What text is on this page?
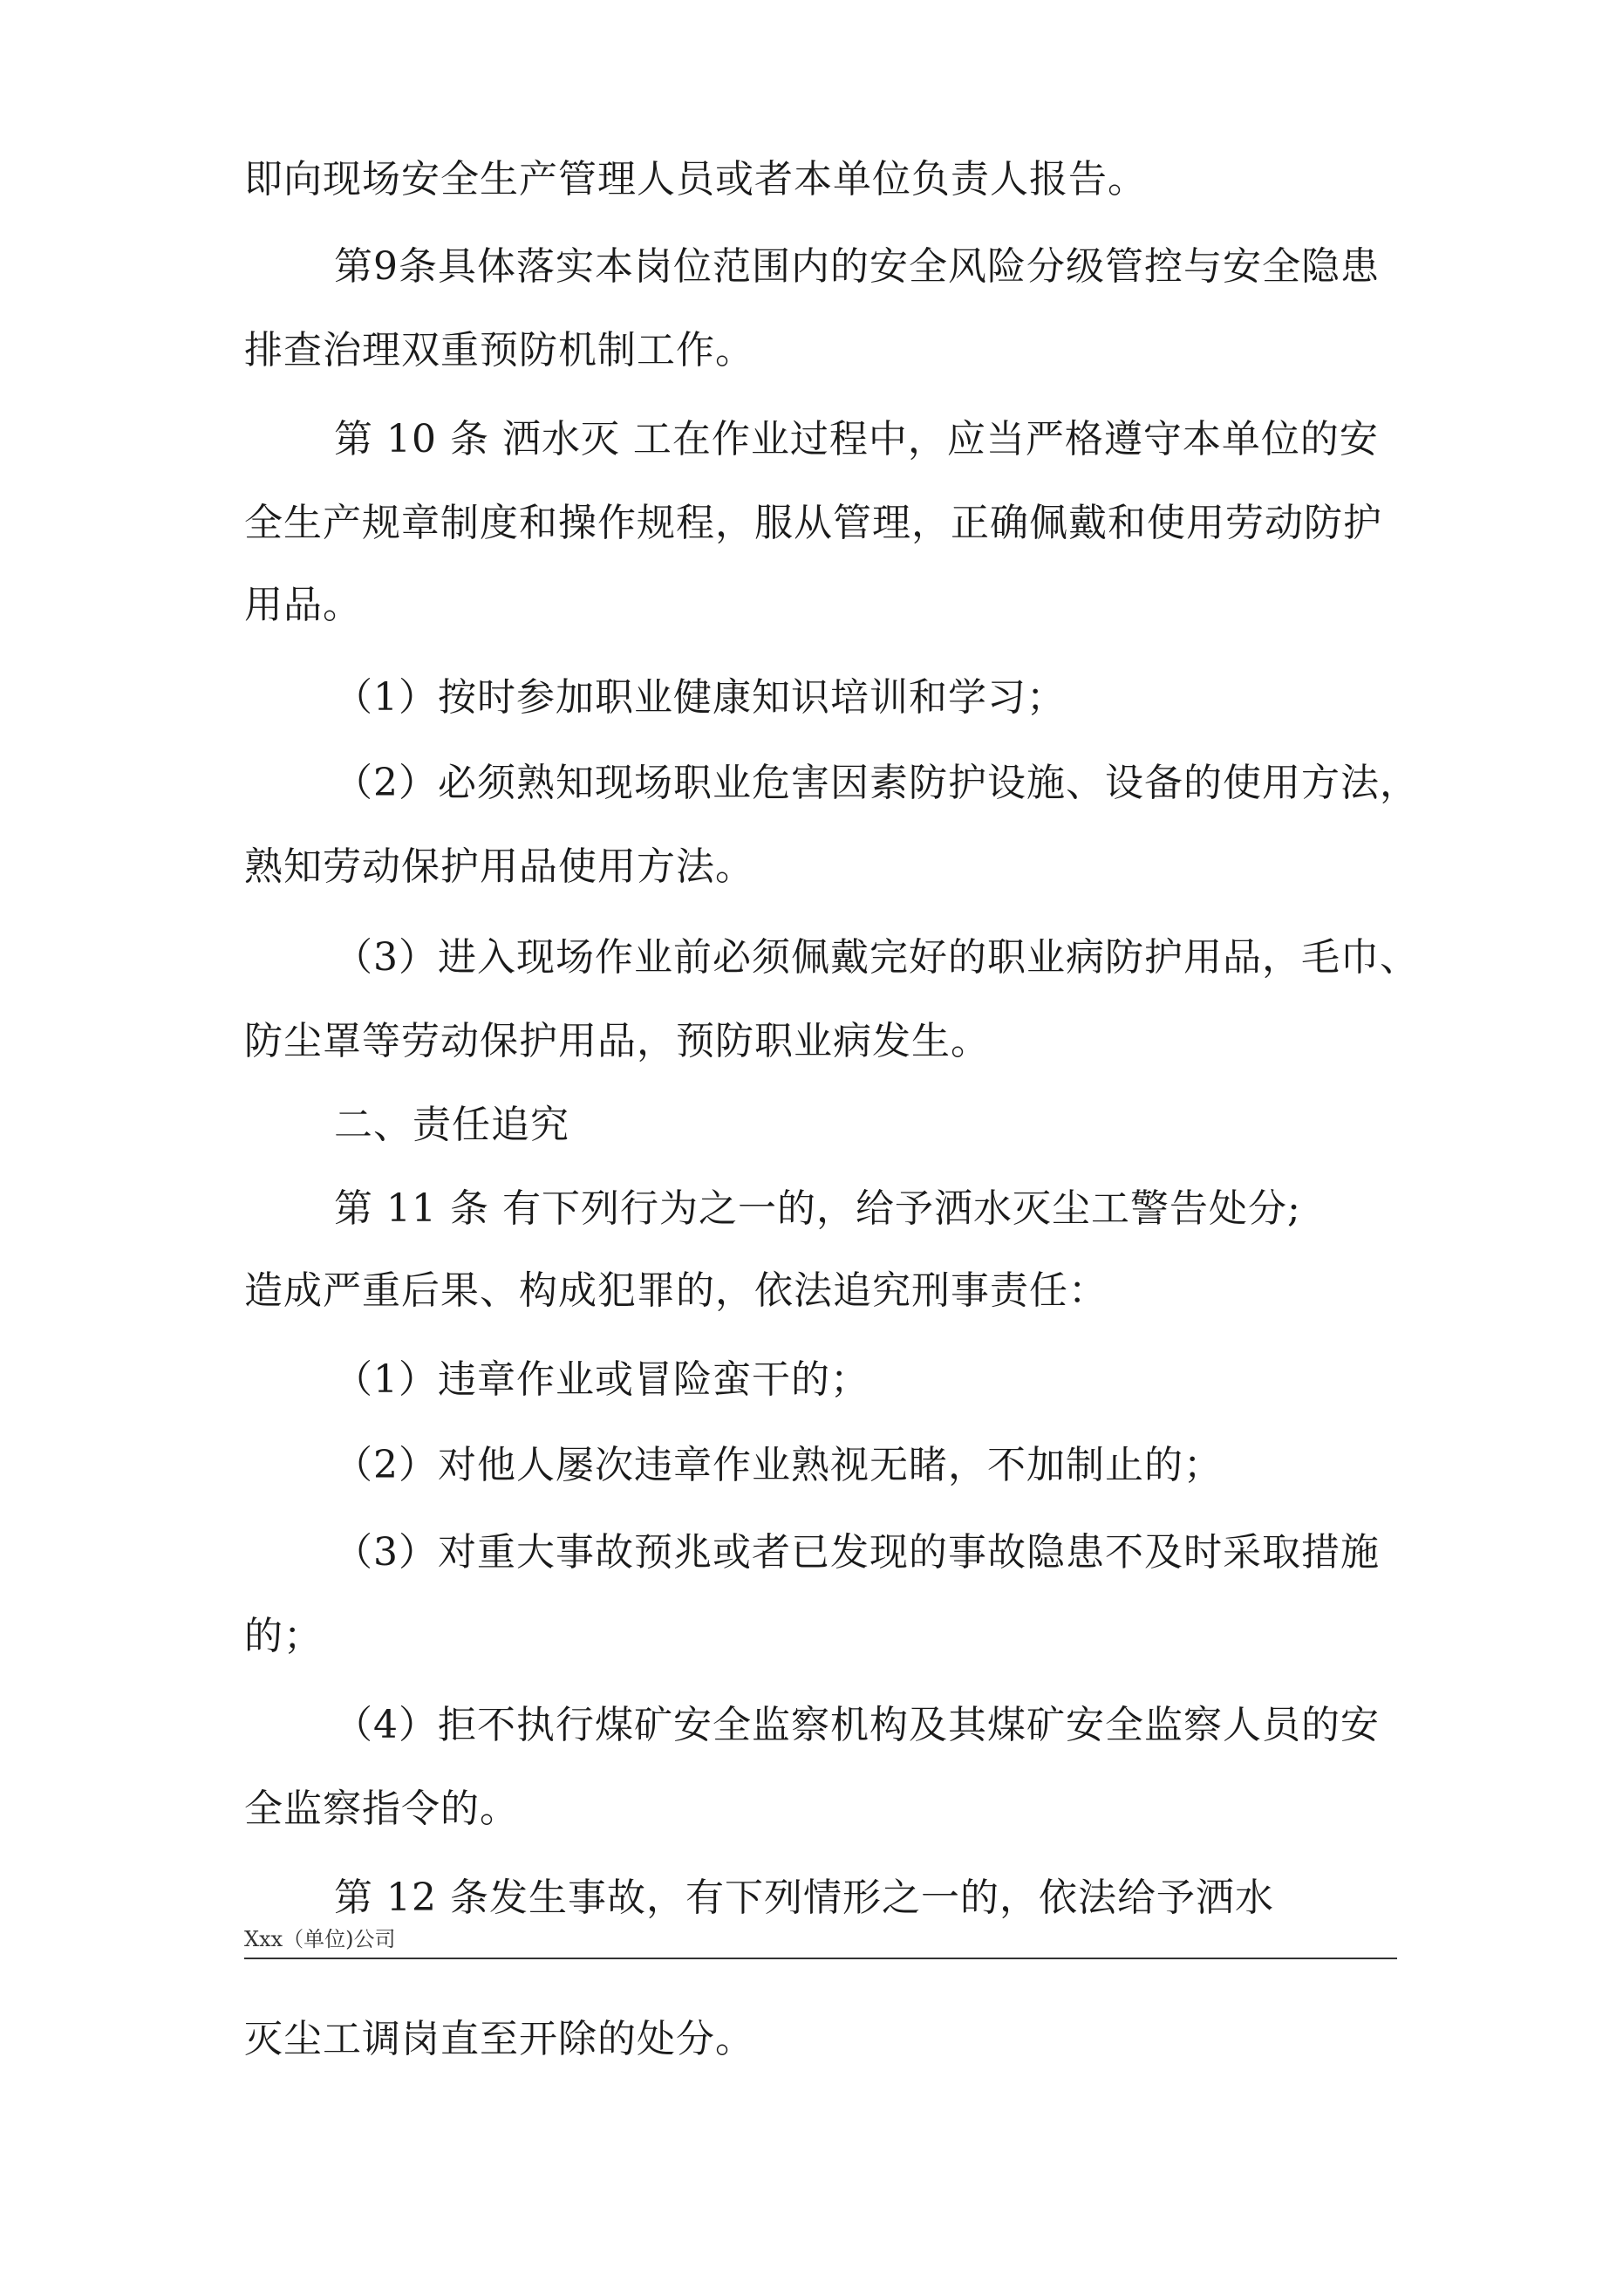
即向现场安全生产管理人员或者本单位负责人报告。
第9条具体落实本岗位范围内的安全风险分级管控与安全隐患
排查治理双重预防机制工作。
第 10 条 洒水灭 工在作业过程中，应当严格遵守本单位的安
全生产规章制度和操作规程，服从管理，正确佩戴和使用劳动防护
用品。
（1）按时参加职业健康知识培训和学习；
（2）必须熟知现场职业危害因素防护设施、设备的使用方法，
熟知劳动保护用品使用方法。
（3）进入现场作业前必须佩戴完好的职业病防护用品，毛巾、
防尘罩等劳动保护用品，预防职业病发生。
二、责任追究
第 11 条 有下列行为之一的，给予洒水灭尘工警告处分;
造成严重后果、构成犯罪的，依法追究刑事责任：
（1）违章作业或冒险蛮干的；
（2）对他人屡次违章作业熟视无睹，不加制止的；
（3）对重大事故预兆或者已发现的事故隐患不及时采取措施
的；
（4）拒不执行煤矿安全监察机构及其煤矿安全监察人员的安
全监察指令的。
第 12 条发生事故，有下列情形之一的，依法给予洒水
Xxx（单位)公司
灭尘工调岗直至开除的处分。
